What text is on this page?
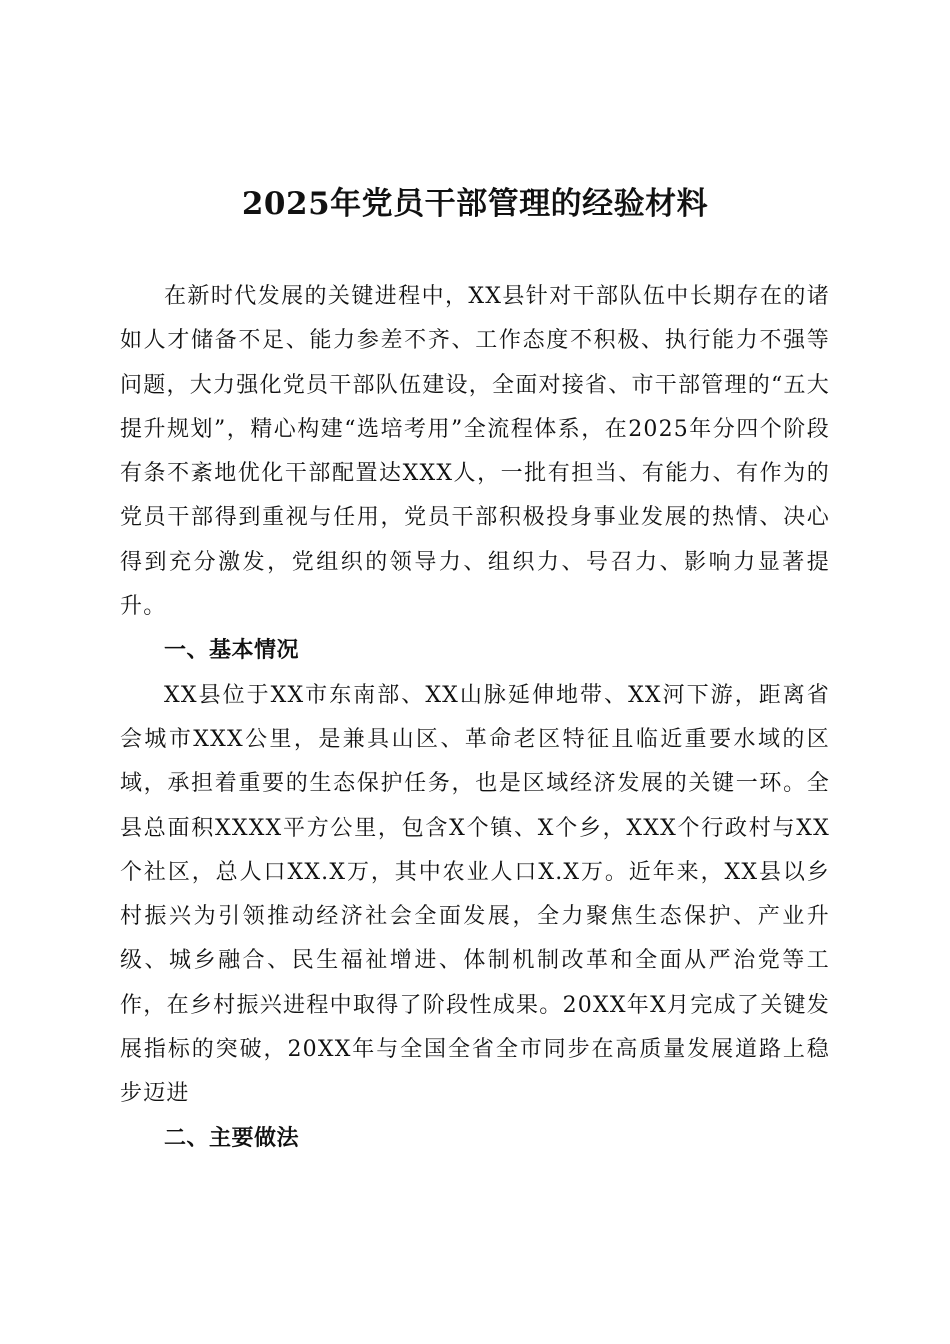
2025年党员干部管理的经验材料

在新时代发展的关键进程中，XX县针对干部队伍中长期存在的诸如人才储备不足、能力参差不齐、工作态度不积极、执行能力不强等问题，大力强化党员干部队伍建设，全面对接省、市干部管理的“五大提升规划”，精心构建“选培考用”全流程体系，在2025年分四个阶段有条不紊地优化干部配置达XXX人，一批有担当、有能力、有作为的党员干部得到重视与任用，党员干部积极投身事业发展的热情、决心得到充分激发，党组织的领导力、组织力、号召力、影响力显著提升。

一、基本情况

XX县位于XX市东南部、XX山脉延伸地带、XX河下游，距离省会城市XXX公里，是兼具山区、革命老区特征且临近重要水域的区域，承担着重要的生态保护任务，也是区域经济发展的关键一环。全县总面积XXXX平方公里，包含X个镇、X个乡，XXX个行政村与XX个社区，总人口XX.X万，其中农业人口X.X万。近年来，XX县以乡村振兴为引领推动经济社会全面发展，全力聚焦生态保护、产业升级、城乡融合、民生福祉增进、体制机制改革和全面从严治党等工作，在乡村振兴进程中取得了阶段性成果。20XX年X月完成了关键发展指标的突破，20XX年与全国全省全市同步在高质量发展道路上稳步迈进

二、主要做法
